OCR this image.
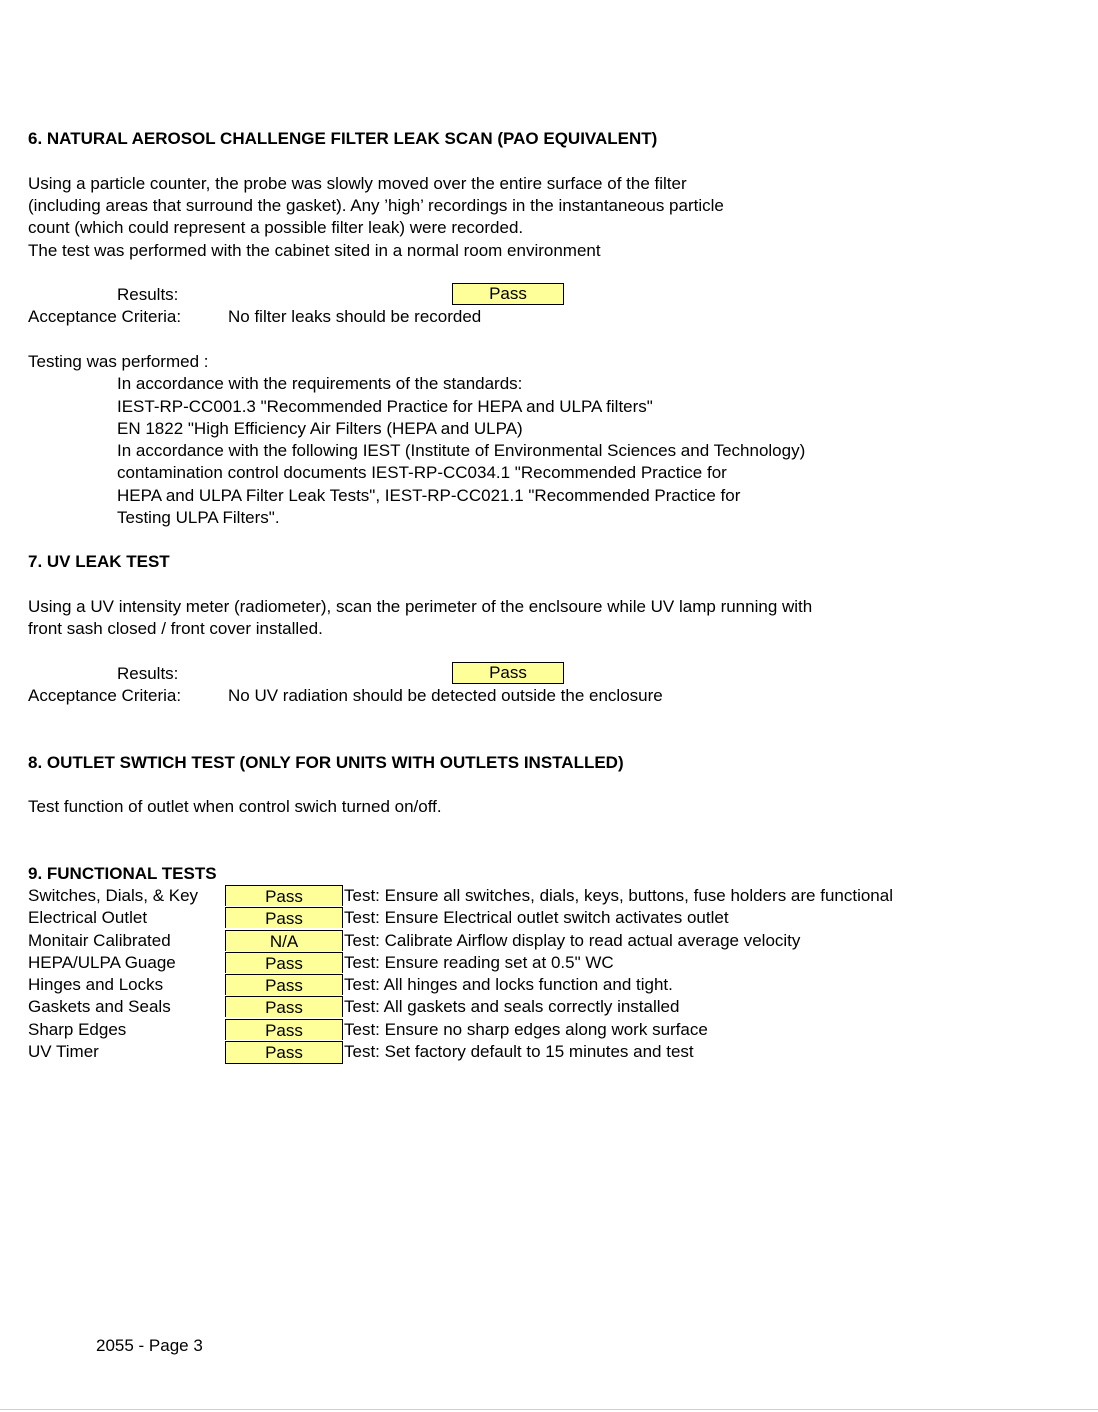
6. NATURAL AEROSOL CHALLENGE FILTER LEAK SCAN (PAO EQUIVALENT)
Using a particle counter, the probe was slowly moved over the entire surface of the filter
(including areas that surround the gasket). Any ’high’ recordings in the instantaneous particle
count (which could represent a possible filter leak) were recorded.
The test was performed with the cabinet sited in a normal room environment
Results:	Pass
Acceptance Criteria:	No filter leaks should be recorded
Testing was performed :
In accordance with the requirements of the standards:
IEST-RP-CC001.3 "Recommended Practice for HEPA and ULPA filters"
EN 1822 "High Efficiency Air Filters (HEPA and ULPA)
In accordance with the following IEST (Institute of Environmental Sciences and Technology)
contamination control documents IEST-RP-CC034.1 "Recommended Practice for
HEPA and ULPA Filter Leak Tests", IEST-RP-CC021.1 "Recommended Practice for
Testing ULPA Filters".
7. UV LEAK TEST
Using a UV intensity meter (radiometer), scan the perimeter of the enclsoure while UV lamp running with
front sash closed / front cover installed.
Results:	Pass
Acceptance Criteria:	No UV radiation should be detected outside the enclosure
8. OUTLET SWTICH TEST (ONLY FOR UNITS WITH OUTLETS INSTALLED)
Test function of outlet when control swich turned on/off.
9. FUNCTIONAL TESTS
Switches, Dials, & Key	Pass	Test: Ensure all switches, dials, keys, buttons, fuse holders are functional
Electrical Outlet	Pass	Test: Ensure Electrical outlet switch activates outlet
Monitair Calibrated	N/A	Test: Calibrate Airflow display to read actual average velocity
HEPA/ULPA Guage	Pass	Test: Ensure reading set at 0.5" WC
Hinges and Locks	Pass	Test: All hinges and locks function and tight.
Gaskets and Seals	Pass	Test: All gaskets and seals correctly installed
Sharp Edges	Pass	Test: Ensure no sharp edges along work surface
UV Timer	Pass	Test: Set factory default to 15 minutes and test
2055 - Page 3
